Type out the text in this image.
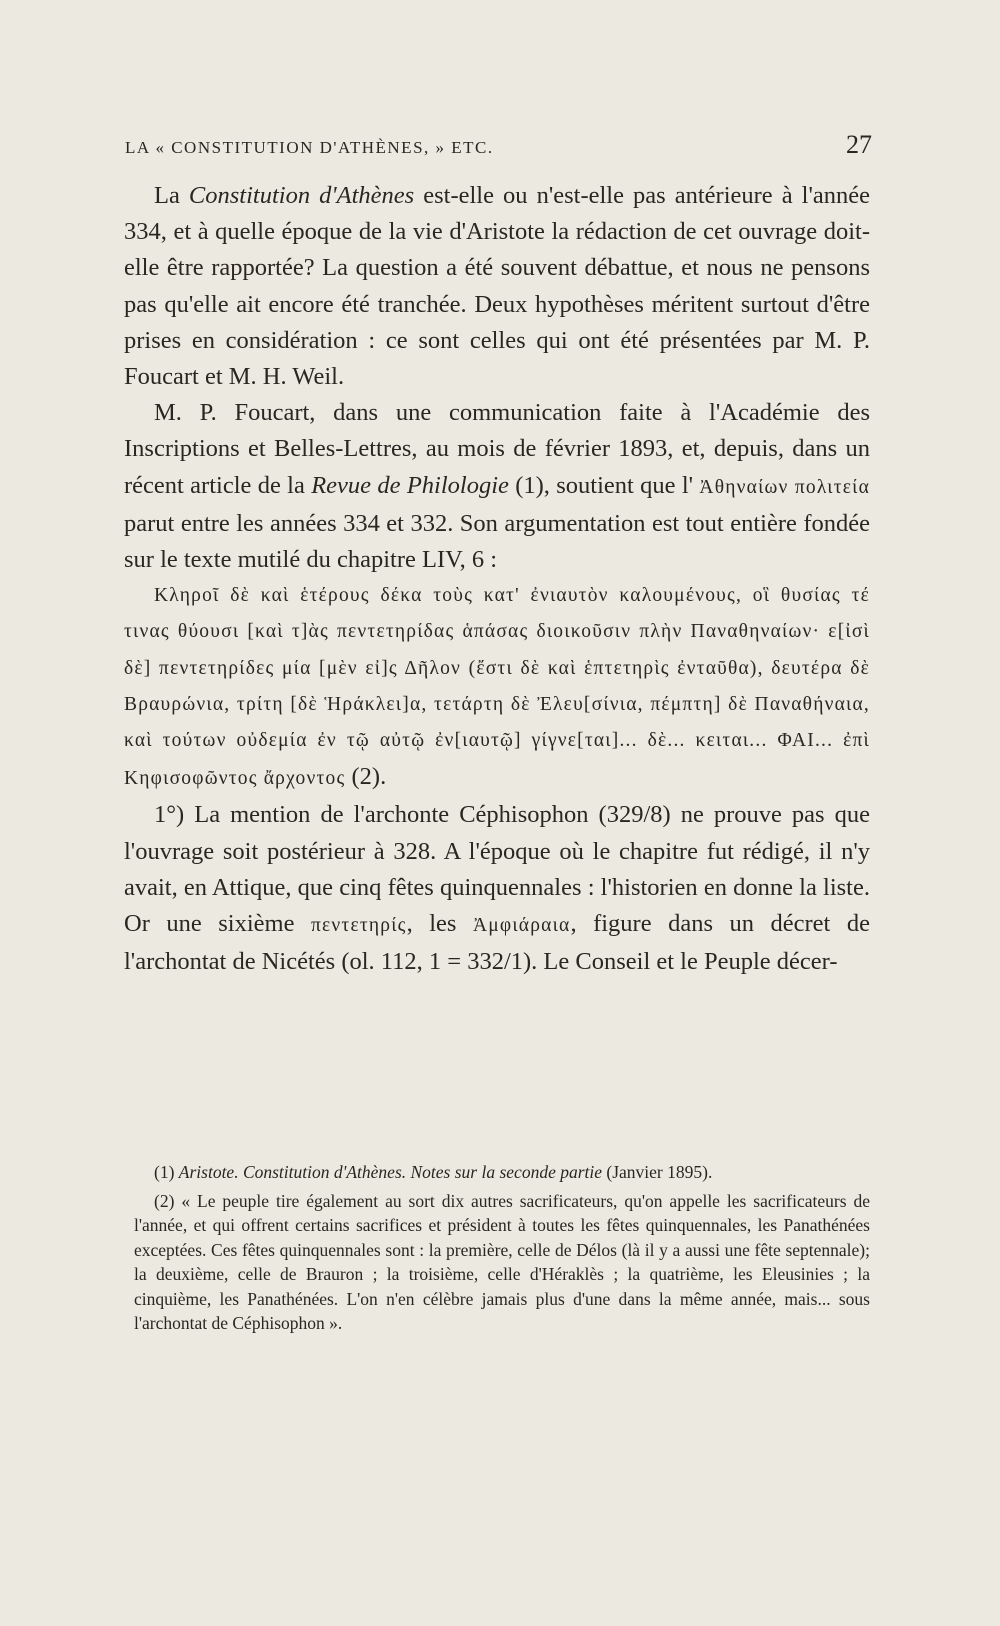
LA « CONSTITUTION D'ATHÈNES, » ETC.	27

La Constitution d'Athènes est-elle ou n'est-elle pas antérieure à l'année 334, et à quelle époque de la vie d'Aristote la rédaction de cet ouvrage doit-elle être rapportée? La question a été souvent débattue, et nous ne pensons pas qu'elle ait encore été tranchée. Deux hypothèses méritent surtout d'être prises en considération : ce sont celles qui ont été présentées par M. P. Foucart et M. H. Weil.

M. P. Foucart, dans une communication faite à l'Académie des Inscriptions et Belles-Lettres, au mois de février 1893, et, depuis, dans un récent article de la Revue de Philologie (1), soutient que l' Ἀθηναίων πολιτεία parut entre les années 334 et 332. Son argumentation est tout entière fondée sur le texte mutilé du chapitre LIV, 6 :

Κληροῖ δὲ καὶ ἑτέρους δέκα τοὺς κατ' ἐνιαυτὸν καλουμένους, οἳ θυσίας τέ τινας θύουσι [καὶ τ]ὰς πεντετηρίδας ἁπάσας διοικοῦσιν πλὴν Παναθηναίων· ε[ἰσὶ δὲ] πεντετηρίδες μία [μὲν εἰ]ς Δῆλον (ἔστι δὲ καὶ ἑπτετηρὶς ἐνταῦθα), δευτέρα δὲ Βραυρώνια, τρίτη [δὲ Ἡράκλει]α, τετάρτη δὲ Ἐλευ[σίνια, πέμπτη] δὲ Παναθήναια, καὶ τούτων οὐδεμία ἐν τῷ αὐτῷ ἐν[ιαυτῷ] γίγνε[ται]... δὲ... κειται... ΦΑΙ... ἐπὶ Κηφισοφῶντος ἄρχοντος (2).

1°) La mention de l'archonte Céphisophon (329/8) ne prouve pas que l'ouvrage soit postérieur à 328. A l'époque où le chapitre fut rédigé, il n'y avait, en Attique, que cinq fêtes quinquennales : l'historien en donne la liste. Or une sixième πεντετηρίς, les Ἀμφιάραια, figure dans un décret de l'archontat de Nicétés (ol. 112, 1 = 332/1). Le Conseil et le Peuple décer-

(1) Aristote. Constitution d'Athènes. Notes sur la seconde partie (Janvier 1895).

(2) « Le peuple tire également au sort dix autres sacrificateurs, qu'on appelle les sacrificateurs de l'année, et qui offrent certains sacrifices et président à toutes les fêtes quinquennales, les Panathénées exceptées. Ces fêtes quinquennales sont : la première, celle de Délos (là il y a aussi une fête septennale); la deuxième, celle de Brauron ; la troisième, celle d'Héraklès ; la quatrième, les Eleusinies ; la cinquième, les Panathénées. L'on n'en célèbre jamais plus d'une dans la même année, mais... sous l'archontat de Céphisophon ».
